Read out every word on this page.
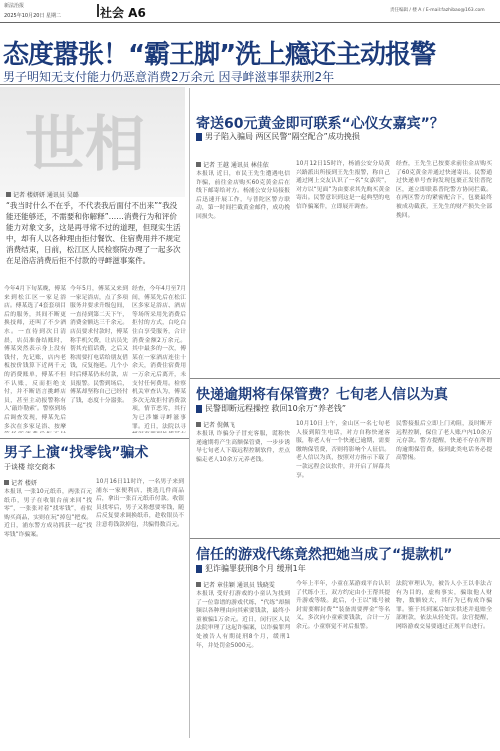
新法治报
2025年10月20日 星期二	社会 A6	责任编辑 / 楼 A / E-mail:fazhibao@163.com
态度嚣张！“霸王脚”洗上瘾还主动报警
男子明知无支付能力仍恶意消费2万余元 因寻衅滋事罪获刑2年
世相
记者 楼妍妍 通讯员 吴璐
“我当时什么不在乎，不代表我后面付不出来”“我没能还能够还，不需要和你解释”……消费行为和评价能力对象文多，这是再寻常不过的道理，但现实生活中，却有人以各种理由拒付餐饮、住宿费用并不规定消费结束，日前，松江区人民检察院办理了一起多次在足浴店消费后拒不付款的寻衅滋事案件。
今年4月下旬某晚，傅某来到松江区一家足浴店。傅某选了4套套项目后的服务，其间不断更换技师，还叫了不少酒水。一直待到次日清晨，店员准备结账时，傅某突然表示身上没有钱付，先记账，店内老板按价钱算下近两千元的消费账单，傅某不但不认账，反而拒绝支付，并不断语言挑衅店员，甚至主动报警称有人‘敲诈勒索’。警察到场后调查发现，傅某先后多次在多家足浴、按摩
今年5月，傅某又来到一家足浴店，点了多项服务并要求升级包间，一直待到第二天下午，消费金额达三千余元。店员要求付款时，傅某称手机欠费，让店员先帮其充值话费，之后又称需要打电话给朋友借钱，反复拖延。几个小时后傅某仍未付款，店员报警。民警到场后，傅某却坚称自己已经付了钱，态度十分嚣张。
经查，今年4月至7月间，傅某先后在松江区多家足浴店、酒店等场所采用先消费后拒付的方式，白吃白住白享受服务，合计消费金额2万余元。其中最多的一次，傅某在一家酒店连住十余天，消费住宿费用一万余元后离开，未支付任何费用。检察机关审查认为，傅某多次无故拒付消费款项，情节恶劣，其行为已涉嫌寻衅滋事罪。近日，法院以寻
寄送60元黄金即可联系“心仪女嘉宾”？
男子陷入骗局 两区民警“隔空配合”成功挽损
记者 王越 通讯员 林佳依
本报讯 近日，市民王先生遭遇电信诈骗，前往金店购买60克黄金后在线下邮寄给对方。杨浦公安分局接报后迅速开展工作，与普陀区警方联动，第一时间拦截黄金邮件，成功挽回损失。
10月12日15时许，杨浦公安分局黄兴路派出所接到王先生报警，称自己通过网上交友认识了一名“女嘉宾”，对方以“见面”为由要求其先购买黄金寄出。民警意识到这是一起典型的电信诈骗案件，立即展开调查。
经查，王先生已按要求前往金店购买了60克黄金并通过快递寄出。民警通过快递单号查询发现包裹正发往普陀区，遂立即联系普陀警方协同拦截。在两区警方的紧密配合下，包裹最终被成功截获，王先生的财产损失全部挽回。
快递逾期将有保管费？七旬老人信以为真
民警即断远程操控 救回10余万“养老钱”
记者 倪佩飞
本报讯 诈骗分子冒充客服，谎称快递逾期将产生高额保管费，一步步诱导七旬老人下载远程控制软件，差点骗走老人10余万元养老钱。
10月10日上午，金山区一名七旬老人接到陌生电话，对方自称快递客服，称老人有一个快递已逾期，需要缴纳保管费，否则将影响个人征信。老人信以为真，按照对方指示下载了一款远程会议软件，并开启了屏幕共享。
民警接报后立即上门劝阻，及时断开远程控制，保住了老人账户内10余万元存款。警方提醒，快递不存在所谓的逾期保管费，接到此类电话务必提高警惕。
男子上演“找零钱”骗术
于谈楼 综交商本
记者 楼妍
本报讯 一张10元纸币，两张百元纸币，男子在收银台前来回“找零”，一张张对着“找零钱”，看似购买商品，实则在玩“掉包”把戏。近日，浦东警方成功抓获一起“找零钱”诈骗案。
10月16日11时许，一名男子来到浦东一家便利店，挑选几件商品后，拿出一张百元纸币付款。收银员找零后，男子又称想要零钱，随后反复要求调换纸币，趁收银员不注意将钱款掉包，共骗得数百元。
信任的游戏代练竟然把她当成了“提款机”
犯诈骗罪获刑8个月 缓刑1年
记者 章佳颖 通讯员 钱晓雯
本报讯 受好打游戏的小童认为找到了一位靠谱的游戏代练，“代练”却频频以各种理由向其索要钱款，最终小童被骗1万余元。近日，闵行区人民法院审理了这起诈骗案，以诈骗罪判处被告人有期徒刑8个月，缓刑1年，并处罚金5000元。
今年上半年，小童在某游戏平台认识了代练小王，双方约定由小王帮其提升游戏等级。此后，小王以“账号被封需要解封费”“装备需要押金”等名义，多次向小童索要钱款，合计一万余元。小童察觉不对后报警。
法院审理认为，被告人小王以非法占有为目的，虚构事实，骗取他人财物，数额较大，其行为已构成诈骗罪。鉴于其到案后如实供述并退赔全部赃款，依法从轻处罚。法官提醒，网络游戏交易要通过正规平台进行。
